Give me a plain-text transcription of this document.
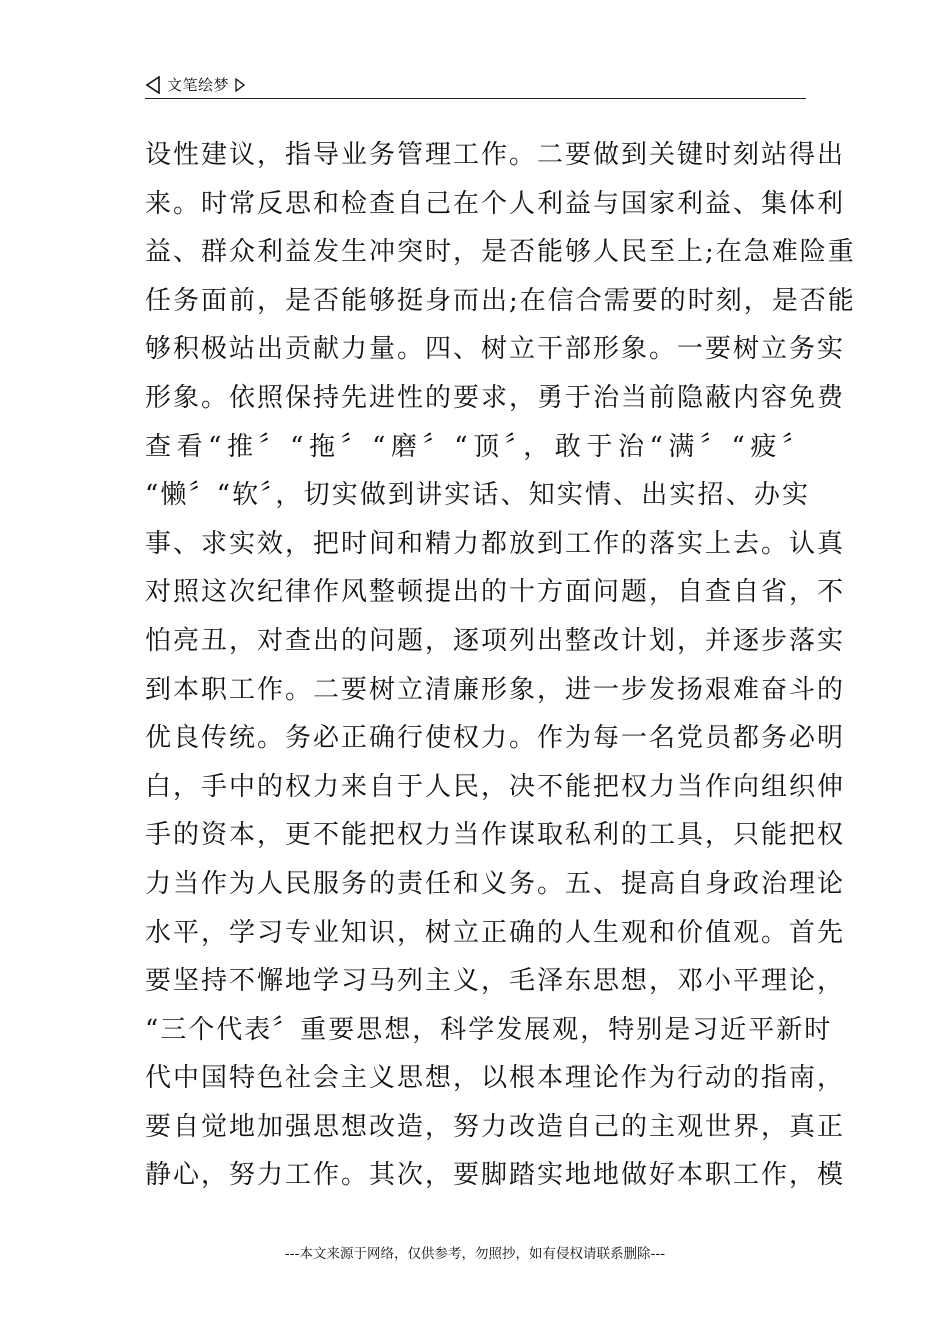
文笔绘梦
设性建议，指导业务管理工作。二要做到关键时刻站得出
来。时常反思和检查自己在个人利益与国家利益、集体利
益、群众利益发生冲突时，是否能够人民至上;在急难险重
任务面前，是否能够挺身而出;在信合需要的时刻，是否能
够积极站出贡献力量。四、树立干部形象。一要树立务实
形象。依照保持先进性的要求，勇于治当前隐蔽内容免费
查看“推〞“拖〞“磨〞“顶〞，敢于治“满〞“疲〞
“懒〞“软〞，切实做到讲实话、知实情、出实招、办实
事、求实效，把时间和精力都放到工作的落实上去。认真
对照这次纪律作风整顿提出的十方面问题，自查自省，不
怕亮丑，对查出的问题，逐项列出整改计划，并逐步落实
到本职工作。二要树立清廉形象，进一步发扬艰难奋斗的
优良传统。务必正确行使权力。作为每一名党员都务必明
白，手中的权力来自于人民，决不能把权力当作向组织伸
手的资本，更不能把权力当作谋取私利的工具，只能把权
力当作为人民服务的责任和义务。五、提高自身政治理论
水平，学习专业知识，树立正确的人生观和价值观。首先
要坚持不懈地学习马列主义，毛泽东思想，邓小平理论，
“三个代表〞重要思想，科学发展观，特别是习近平新时
代中国特色社会主义思想，以根本理论作为行动的指南，
要自觉地加强思想改造，努力改造自己的主观世界，真正
静心，努力工作。其次，要脚踏实地地做好本职工作，模
---本文来源于网络，仅供参考，勿照抄，如有侵权请联系删除---
